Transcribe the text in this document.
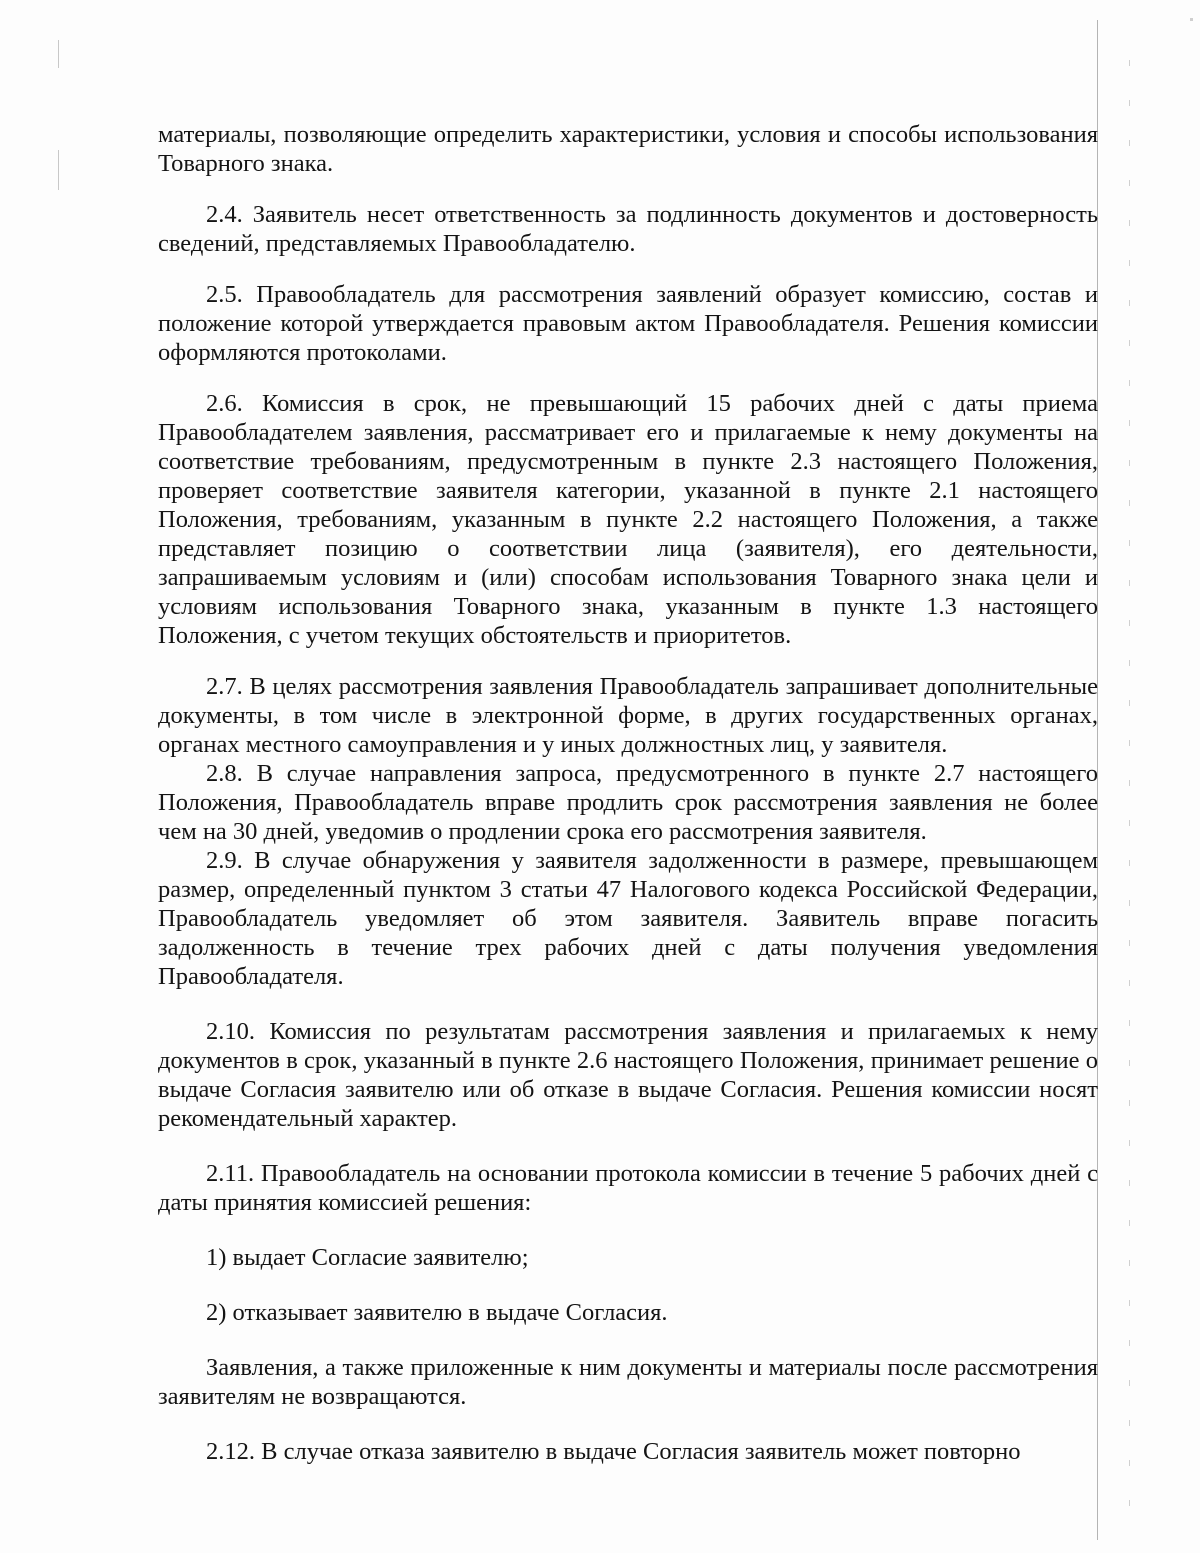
материалы, позволяющие определить характеристики, условия и способы использования Товарного знака.

2.4. Заявитель несет ответственность за подлинность документов и достоверность сведений, представляемых Правообладателю.

2.5. Правообладатель для рассмотрения заявлений образует комиссию, состав и положение которой утверждается правовым актом Правообладателя. Решения комиссии оформляются протоколами.

2.6. Комиссия в срок, не превышающий 15 рабочих дней с даты приема Правообладателем заявления, рассматривает его и прилагаемые к нему документы на соответствие требованиям, предусмотренным в пункте 2.3 настоящего Положения, проверяет соответствие заявителя категории, указанной в пункте 2.1 настоящего Положения, требованиям, указанным в пункте 2.2 настоящего Положения, а также представляет позицию о соответствии лица (заявителя), его деятельности, запрашиваемым условиям и (или) способам использования Товарного знака цели и условиям использования Товарного знака, указанным в пункте 1.3 настоящего Положения, с учетом текущих обстоятельств и приоритетов.

2.7. В целях рассмотрения заявления Правообладатель запрашивает дополнительные документы, в том числе в электронной форме, в других государственных органах, органах местного самоуправления и у иных должностных лиц, у заявителя.

2.8. В случае направления запроса, предусмотренного в пункте 2.7 настоящего Положения, Правообладатель вправе продлить срок рассмотрения заявления не более чем на 30 дней, уведомив о продлении срока его рассмотрения заявителя.

2.9. В случае обнаружения у заявителя задолженности в размере, превышающем размер, определенный пунктом 3 статьи 47 Налогового кодекса Российской Федерации, Правообладатель уведомляет об этом заявителя. Заявитель вправе погасить задолженность в течение трех рабочих дней с даты получения уведомления Правообладателя.

2.10. Комиссия по результатам рассмотрения заявления и прилагаемых к нему документов в срок, указанный в пункте 2.6 настоящего Положения, принимает решение о выдаче Согласия заявителю или об отказе в выдаче Согласия. Решения комиссии носят рекомендательный характер.

2.11. Правообладатель на основании протокола комиссии в течение 5 рабочих дней с даты принятия комиссией решения:

1) выдает Согласие заявителю;

2) отказывает заявителю в выдаче Согласия.

Заявления, а также приложенные к ним документы и материалы после рассмотрения заявителям не возвращаются.

2.12. В случае отказа заявителю в выдаче Согласия заявитель может повторно
